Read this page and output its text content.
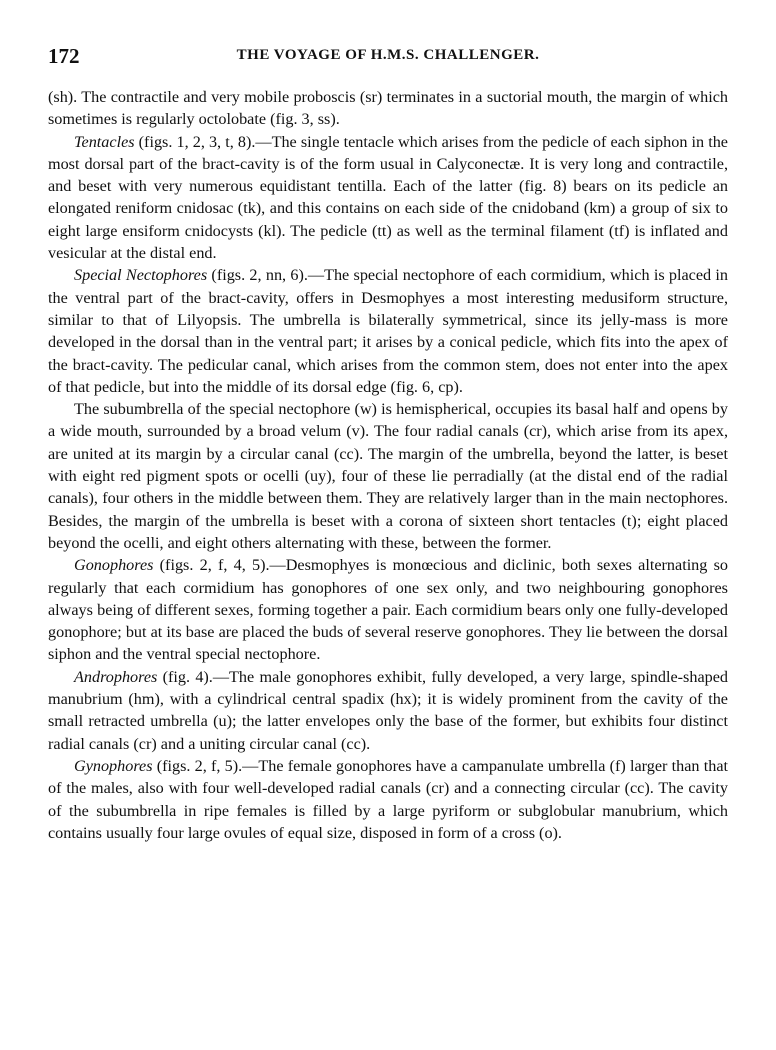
172	THE VOYAGE OF H.M.S. CHALLENGER.

(sh). The contractile and very mobile proboscis (sr) terminates in a suctorial mouth, the margin of which sometimes is regularly octolobate (fig. 3, ss).

Tentacles (figs. 1, 2, 3, t, 8).—The single tentacle which arises from the pedicle of each siphon in the most dorsal part of the bract-cavity is of the form usual in Calyconectæ. It is very long and contractile, and beset with very numerous equidistant tentilla. Each of the latter (fig. 8) bears on its pedicle an elongated reniform cnidosac (tk), and this contains on each side of the cnidoband (km) a group of six to eight large ensiform cnidocysts (kl). The pedicle (tt) as well as the terminal filament (tf) is inflated and vesicular at the distal end.

Special Nectophores (figs. 2, nn, 6).—The special nectophore of each cormidium, which is placed in the ventral part of the bract-cavity, offers in Desmophyes a most interesting medusiform structure, similar to that of Lilyopsis. The umbrella is bilaterally symmetrical, since its jelly-mass is more developed in the dorsal than in the ventral part; it arises by a conical pedicle, which fits into the apex of the bract-cavity. The pedicular canal, which arises from the common stem, does not enter into the apex of that pedicle, but into the middle of its dorsal edge (fig. 6, cp).

The subumbrella of the special nectophore (w) is hemispherical, occupies its basal half and opens by a wide mouth, surrounded by a broad velum (v). The four radial canals (cr), which arise from its apex, are united at its margin by a circular canal (cc). The margin of the umbrella, beyond the latter, is beset with eight red pigment spots or ocelli (uy), four of these lie perradially (at the distal end of the radial canals), four others in the middle between them. They are relatively larger than in the main nectophores. Besides, the margin of the umbrella is beset with a corona of sixteen short tentacles (t); eight placed beyond the ocelli, and eight others alternating with these, between the former.

Gonophores (figs. 2, f, 4, 5).—Desmophyes is monœcious and diclinic, both sexes alternating so regularly that each cormidium has gonophores of one sex only, and two neighbouring gonophores always being of different sexes, forming together a pair. Each cormidium bears only one fully-developed gonophore; but at its base are placed the buds of several reserve gonophores. They lie between the dorsal siphon and the ventral special nectophore.

Androphores (fig. 4).—The male gonophores exhibit, fully developed, a very large, spindle-shaped manubrium (hm), with a cylindrical central spadix (hx); it is widely prominent from the cavity of the small retracted umbrella (u); the latter envelopes only the base of the former, but exhibits four distinct radial canals (cr) and a uniting circular canal (cc).

Gynophores (figs. 2, f, 5).—The female gonophores have a campanulate umbrella (f) larger than that of the males, also with four well-developed radial canals (cr) and a connecting circular (cc). The cavity of the subumbrella in ripe females is filled by a large pyriform or subglobular manubrium, which contains usually four large ovules of equal size, disposed in form of a cross (o).
